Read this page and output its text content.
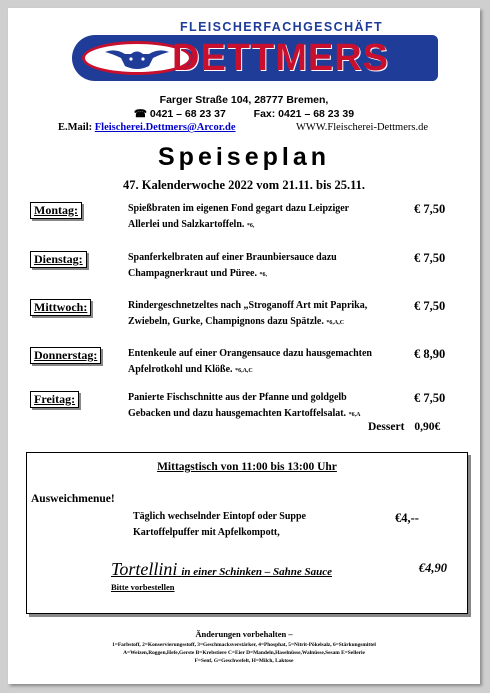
FLEISCHERFACHGESCHÄFT
DETTMERS
Farger Straße 104, 28777 Bremen,
☎ 0421 – 68 23 37	Fax: 0421 – 68 23 39
E.Mail: Fleischerei.Dettmers@Arcor.de	WWW.Fleischerei-Dettmers.de
Speiseplan
47. Kalenderwoche 2022 vom 21.11. bis 25.11.
Montag:	Spießbraten im eigenen Fond gegart dazu Leipziger
Allerlei und Salzkartoffeln. *6,
€ 7,50
Dienstag:	Spanferkelbraten auf einer Braunbiersauce dazu
Champagnerkraut und Püree. *6,
€ 7,50
Mittwoch:	Rindergeschnetzeltes nach „Stroganoff Art mit Paprika,
Zwiebeln, Gurke, Champignons dazu Spätzle. *6,A,C
€ 7,50
Donnerstag:	Entenkeule auf einer Orangensauce dazu hausgemachten
Apfelrotkohl und Klöße. *6,A,C
€ 8,90
Freitag:	Panierte Fischschnitte aus der Pfanne und goldgelb
Gebacken und dazu hausgemachten Kartoffelsalat. *6,A
€ 7,50
Dessert 0,90€
Mittagstisch von 11:00 bis 13:00 Uhr
Ausweichmenue!
Täglich wechselnder Eintopf oder Suppe
Kartoffelpuffer mit Apfelkompott,
€4,--
Tortellini in einer Schinken – Sahne Sauce	€4,90
Bitte vorbestellen
Änderungen vorbehalten –
1=Farbstoff, 2=Konservierungsstoff, 3=Geschmacksverstärker, 4=Phosphat, 5=Nitrit-Pökelsalz, 6=Stärkungsmittel
A=Weizen,Roggen,Hefe,Gerste B=Krebstiere C=Eier D=Mandeln,Haselnüsse,Walnüsse,Sesam E=Sellerie
F=Senf, G=Geschwefelt, H=Milch, Laktose
